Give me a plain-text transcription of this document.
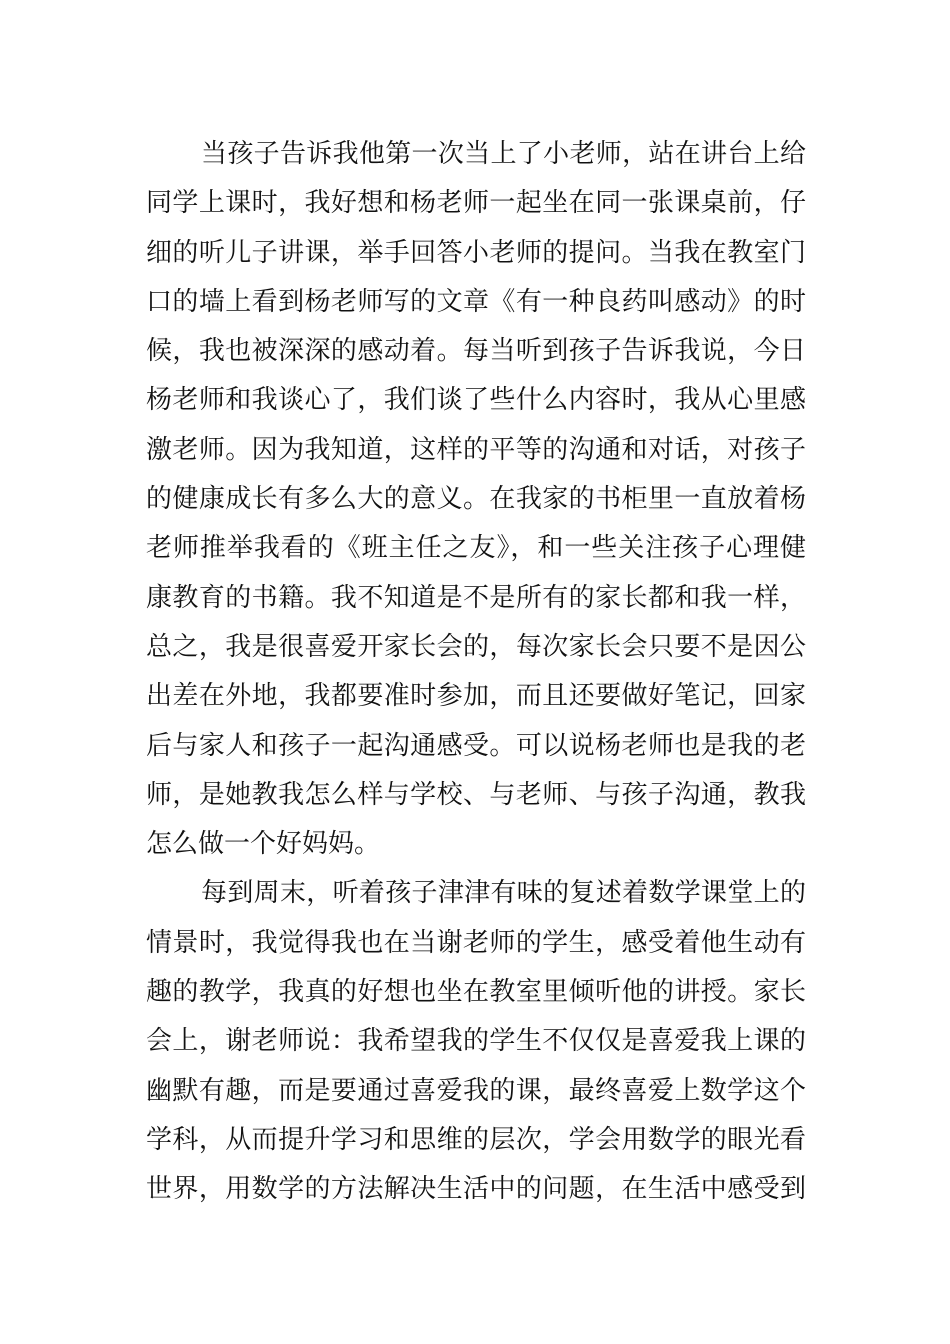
当孩子告诉我他第一次当上了小老师，站在讲台上给
同学上课时，我好想和杨老师一起坐在同一张课桌前，仔
细的听儿子讲课，举手回答小老师的提问。当我在教室门
口的墙上看到杨老师写的文章《有一种良药叫感动》的时
候，我也被深深的感动着。每当听到孩子告诉我说，今日
杨老师和我谈心了，我们谈了些什么内容时，我从心里感
激老师。因为我知道，这样的平等的沟通和对话，对孩子
的健康成长有多么大的意义。在我家的书柜里一直放着杨
老师推举我看的《班主任之友》，和一些关注孩子心理健
康教育的书籍。我不知道是不是所有的家长都和我一样，
总之，我是很喜爱开家长会的，每次家长会只要不是因公
出差在外地，我都要准时参加，而且还要做好笔记，回家
后与家人和孩子一起沟通感受。可以说杨老师也是我的老
师，是她教我怎么样与学校、与老师、与孩子沟通，教我
怎么做一个好妈妈。
每到周末，听着孩子津津有味的复述着数学课堂上的
情景时，我觉得我也在当谢老师的学生，感受着他生动有
趣的教学，我真的好想也坐在教室里倾听他的讲授。家长
会上，谢老师说：我希望我的学生不仅仅是喜爱我上课的
幽默有趣，而是要通过喜爱我的课，最终喜爱上数学这个
学科，从而提升学习和思维的层次，学会用数学的眼光看
世界，用数学的方法解决生活中的问题，在生活中感受到
